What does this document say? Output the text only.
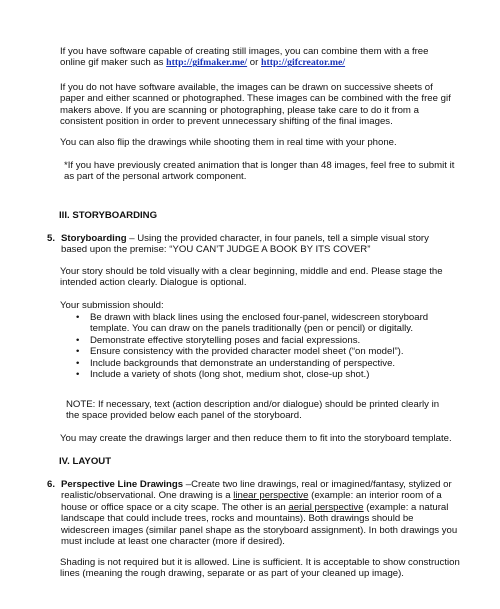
If you have software capable of creating still images, you can combine them with a free online gif maker such as http://gifmaker.me/ or http://gifcreator.me/

If you do not have software available, the images can be drawn on successive sheets of paper and either scanned or photographed. These images can be combined with the free gif makers above. If you are scanning or photographing, please take care to do it from a consistent position in order to prevent unnecessary shifting of the final images.

You can also flip the drawings while shooting them in real time with your phone.

*If you have previously created animation that is longer than 48 images, feel free to submit it as part of the personal artwork component.

III. STORYBOARDING

5. Storyboarding – Using the provided character, in four panels, tell a simple visual story based upon the premise: “YOU CAN’T JUDGE A BOOK BY ITS COVER”

Your story should be told visually with a clear beginning, middle and end. Please stage the intended action clearly. Dialogue is optional.

Your submission should:

• Be drawn with black lines using the enclosed four-panel, widescreen storyboard template. You can draw on the panels traditionally (pen or pencil) or digitally.
• Demonstrate effective storytelling poses and facial expressions.
• Ensure consistency with the provided character model sheet (“on model”).
• Include backgrounds that demonstrate an understanding of perspective.
• Include a variety of shots (long shot, medium shot, close-up shot.)

NOTE: If necessary, text (action description and/or dialogue) should be printed clearly in the space provided below each panel of the storyboard.

You may create the drawings larger and then reduce them to fit into the storyboard template.

IV. LAYOUT

6. Perspective Line Drawings –Create two line drawings, real or imagined/fantasy, stylized or realistic/observational. One drawing is a linear perspective (example: an interior room of a house or office space or a city scape. The other is an aerial perspective (example: a natural landscape that could include trees, rocks and mountains). Both drawings should be widescreen images (similar panel shape as the storyboard assignment). In both drawings you must include at least one character (more if desired).

Shading is not required but it is allowed. Line is sufficient. It is acceptable to show construction lines (meaning the rough drawing, separate or as part of your cleaned up image).
